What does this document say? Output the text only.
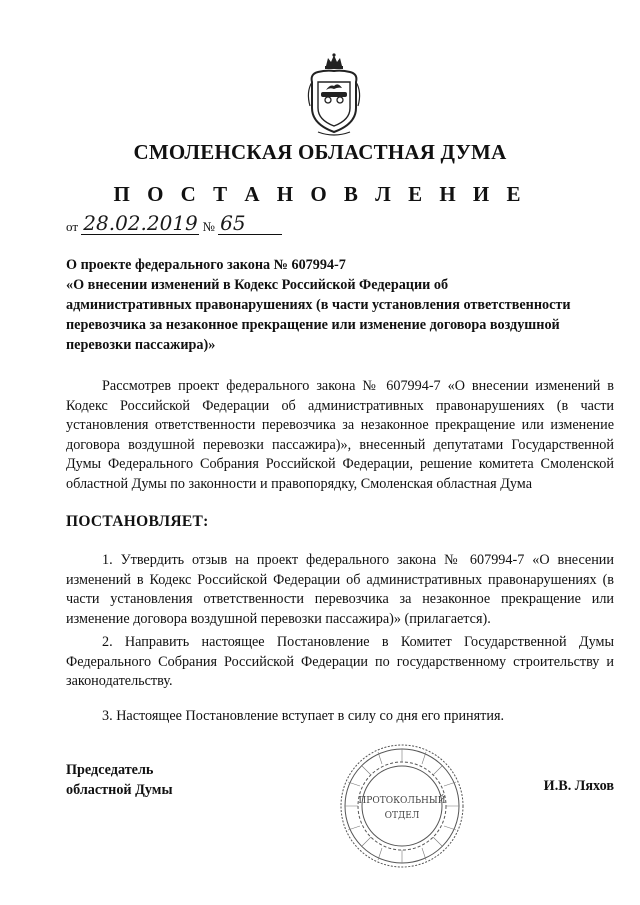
СМОЛЕНСКАЯ ОБЛАСТНАЯ ДУМА
П О С Т А Н О В Л Е Н И Е
от 28.02.2019 № 65
О проекте федерального закона № 607994-7
«О внесении изменений в Кодекс Российской Федерации об
административных правонарушениях (в части установления ответственности
перевозчика за незаконное прекращение или изменение договора воздушной
перевозки пассажира)»
Рассмотрев проект федерального закона № 607994-7 «О внесении изменений в Кодекс Российской Федерации об административных правонарушениях (в части установления ответственности перевозчика за незаконное прекращение или изменение договора воздушной перевозки пассажира)», внесенный депутатами Государственной Думы Федерального Собрания Российской Федерации, решение комитета Смоленской областной Думы по законности и правопорядку, Смоленская областная Дума
ПОСТАНОВЛЯЕТ:
1. Утвердить отзыв на проект федерального закона № 607994-7 «О внесении изменений в Кодекс Российской Федерации об административных правонарушениях (в части установления ответственности перевозчика за незаконное прекращение или изменение договора воздушной перевозки пассажира)» (прилагается).
2. Направить настоящее Постановление в Комитет Государственной Думы Федерального Собрания Российской Федерации по государственному строительству и законодательству.
3. Настоящее Постановление вступает в силу со дня его принятия.
Председатель
областной Думы
ПРОТОКОЛЬНЫЙ
ОТДЕЛ
И.В. Ляхов
